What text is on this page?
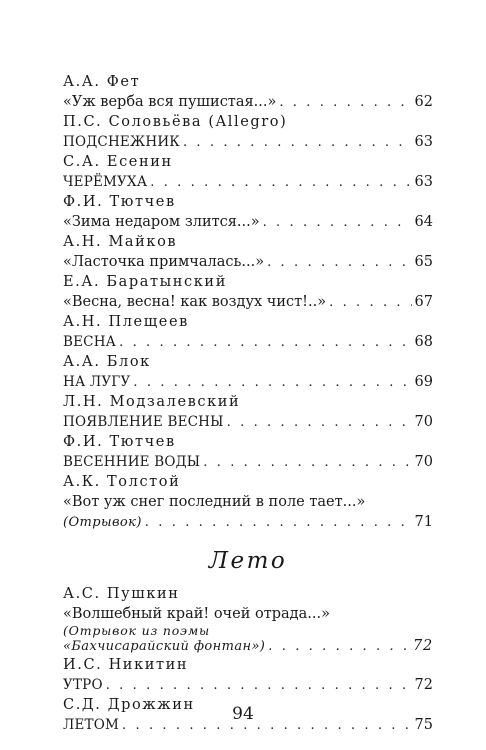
А.А. Фет
«Уж верба вся пушистая...» . . .	62
П.С. Соловьёва (Allegro)
ПОДСНЕЖНИК . . .	63
С.А. Есенин
ЧЕРЁМУХА . . .	63
Ф.И. Тютчев
«Зима недаром злится...» . . .	64
А.Н. Майков
«Ласточка примчалась...» . . .	65
Е.А. Баратынский
«Весна, весна! как воздух чист!..» . . .	67
А.Н. Плещеев
ВЕСНА . . .	68
А.А. Блок
НА ЛУГУ . . .	69
Л.Н. Модзалевский
ПОЯВЛЕНИЕ ВЕСНЫ . . .	70
Ф.И. Тютчев
ВЕСЕННИЕ ВОДЫ . . .	70
А.К. Толстой
«Вот уж снег последний в поле тает...»
(Отрывок) . . .	71
Лето
А.С. Пушкин
«Волшебный край! очей отрада...»
(Отрывок из поэмы
«Бахчисарайский фонтан») . . .	72
И.С. Никитин
УТРО . . .	72
С.Д. Дрожжин
ЛЕТОМ . . .	75
94
